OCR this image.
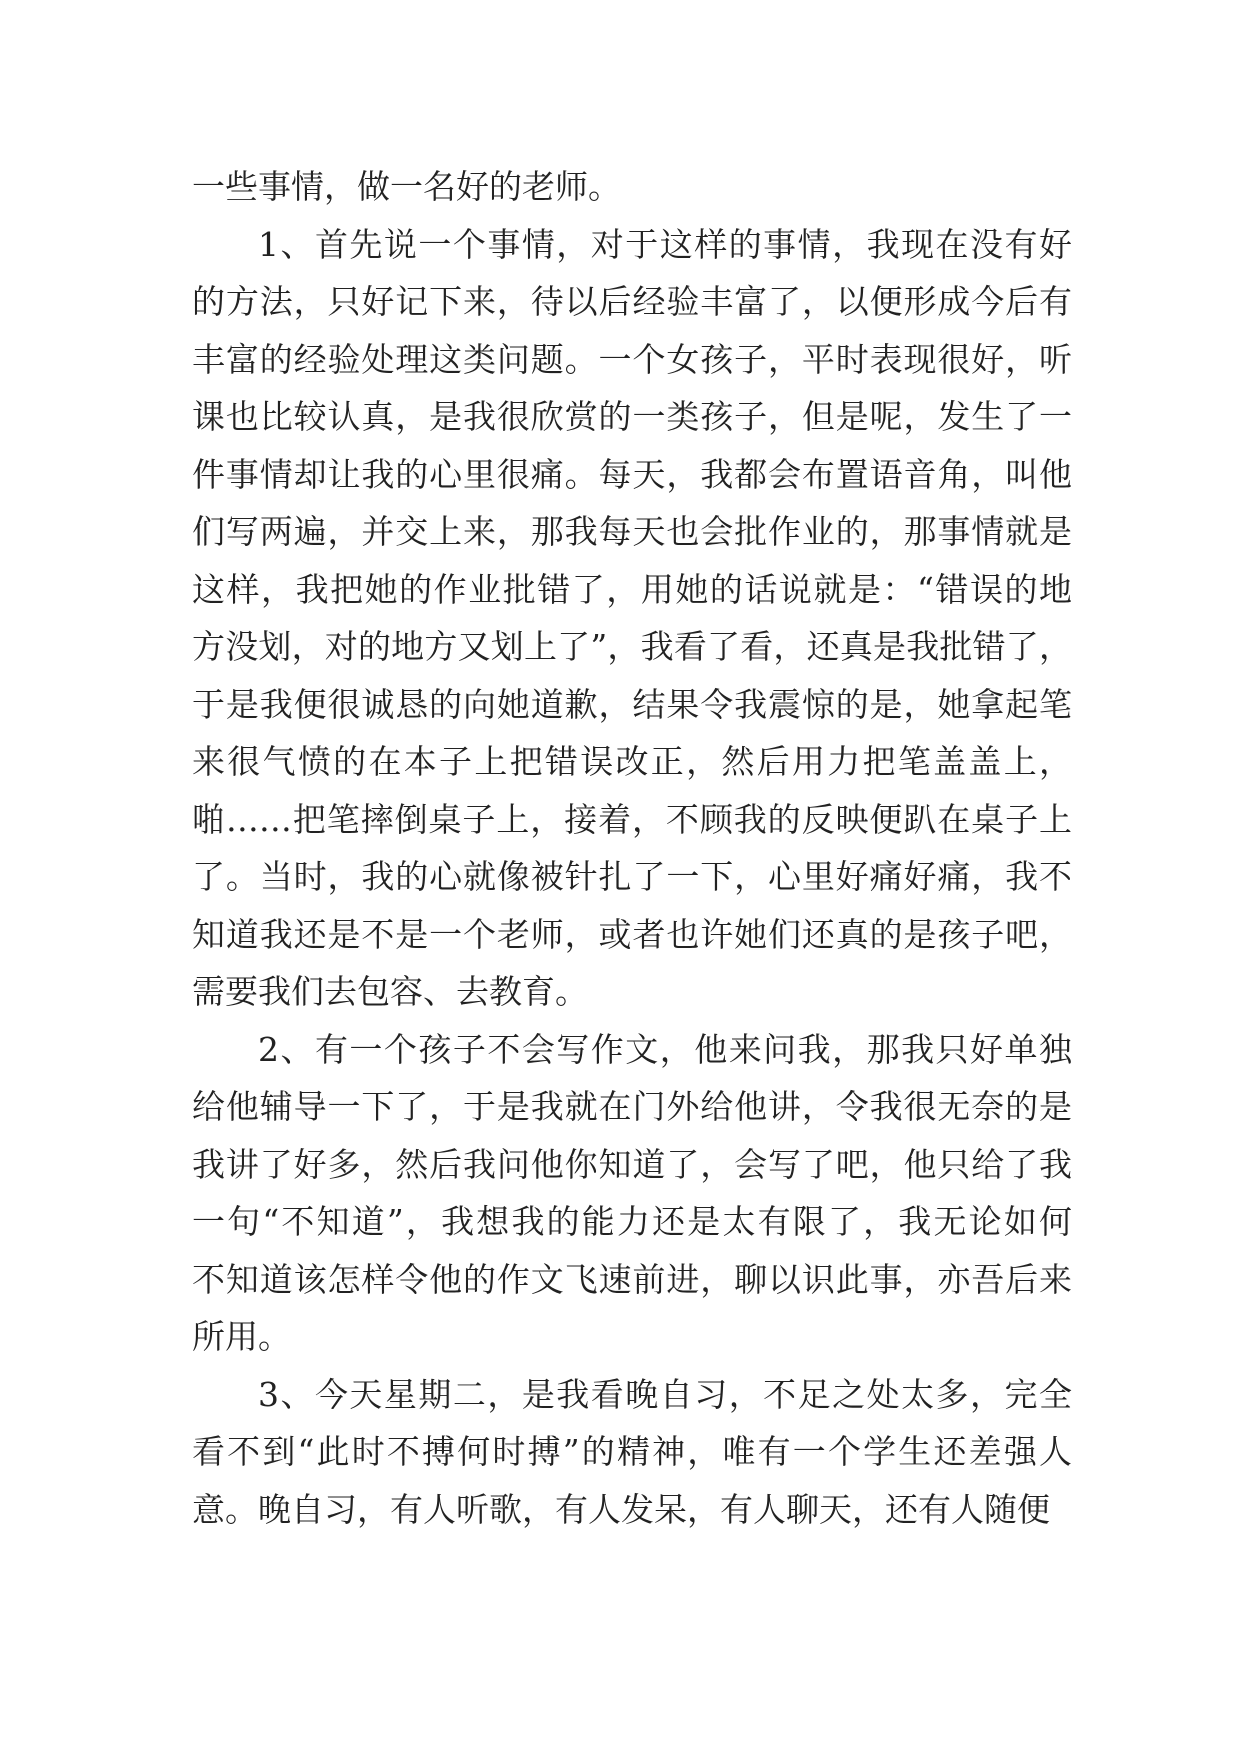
一些事情，做一名好的老师。
1、首先说一个事情，对于这样的事情，我现在没有好
的方法，只好记下来，待以后经验丰富了，以便形成今后有
丰富的经验处理这类问题。一个女孩子，平时表现很好，听
课也比较认真，是我很欣赏的一类孩子，但是呢，发生了一
件事情却让我的心里很痛。每天，我都会布置语音角，叫他
们写两遍，并交上来，那我每天也会批作业的，那事情就是
这样，我把她的作业批错了，用她的话说就是：“错误的地
方没划，对的地方又划上了”，我看了看，还真是我批错了，
于是我便很诚恳的向她道歉，结果令我震惊的是，她拿起笔
来很气愤的在本子上把错误改正，然后用力把笔盖盖上，
啪……把笔摔倒桌子上，接着，不顾我的反映便趴在桌子上
了。当时，我的心就像被针扎了一下，心里好痛好痛，我不
知道我还是不是一个老师，或者也许她们还真的是孩子吧，
需要我们去包容、去教育。
2、有一个孩子不会写作文，他来问我，那我只好单独
给他辅导一下了，于是我就在门外给他讲，令我很无奈的是
我讲了好多，然后我问他你知道了，会写了吧，他只给了我
一句“不知道”，我想我的能力还是太有限了，我无论如何
不知道该怎样令他的作文飞速前进，聊以识此事，亦吾后来
所用。
3、今天星期二，是我看晚自习，不足之处太多，完全
看不到“此时不搏何时搏”的精神，唯有一个学生还差强人
意。晚自习，有人听歌，有人发呆，有人聊天，还有人随便
